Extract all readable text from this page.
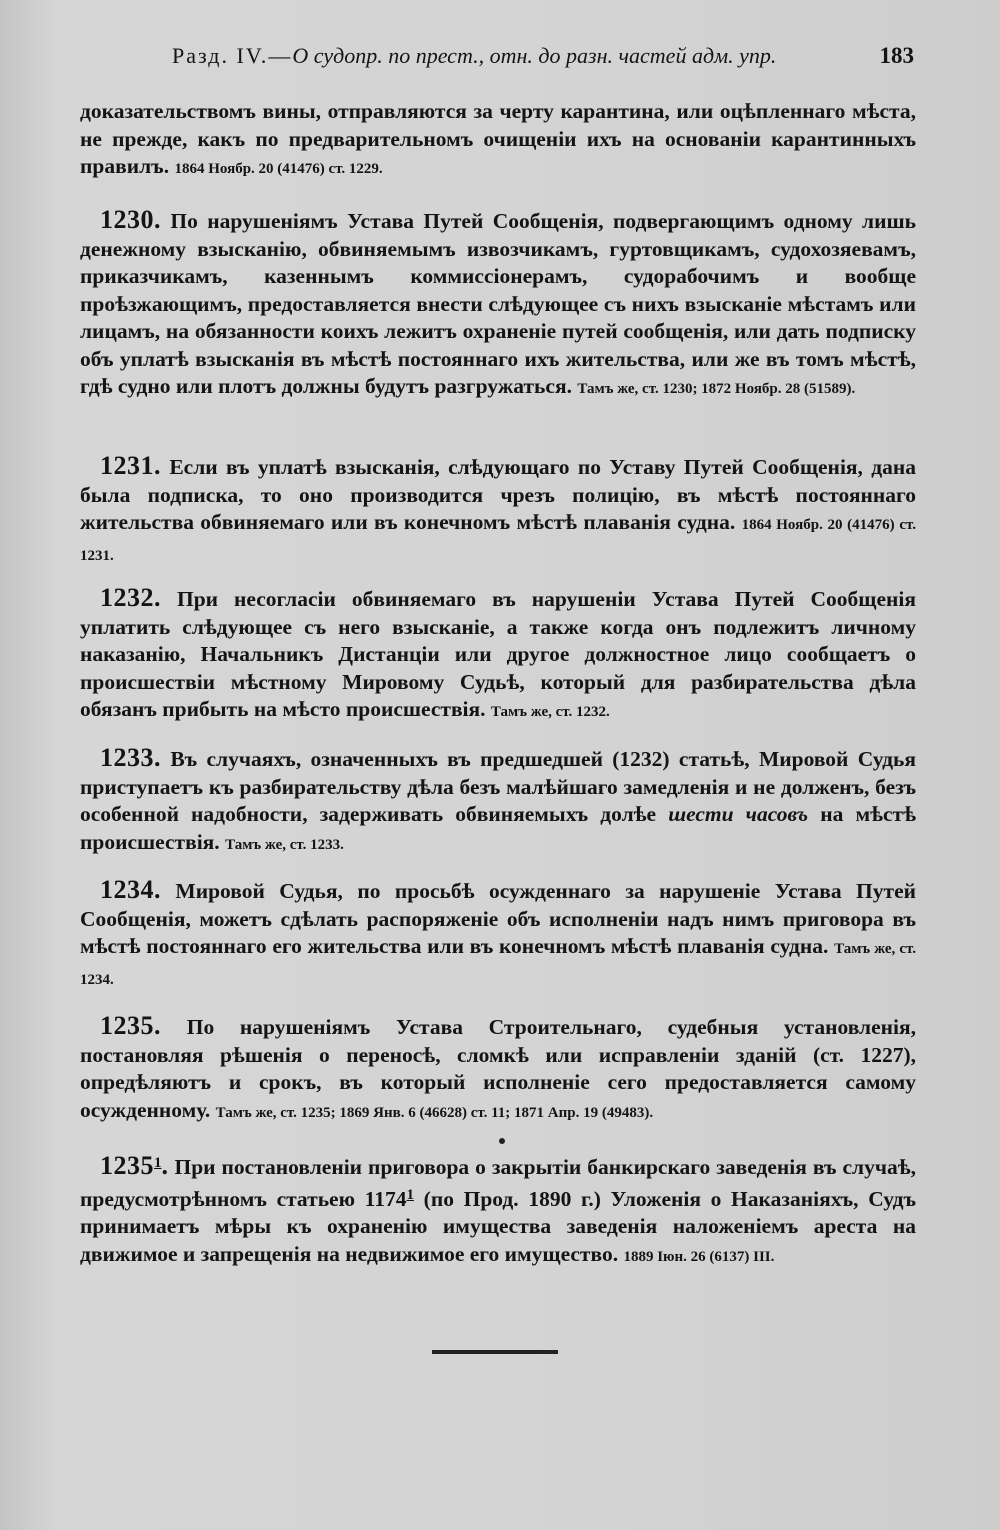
Разд. IV.—О судопр. по прест., отн. до разн. частей адм. упр.	183
доказательствомъ вины, отправляются за черту карантина, или оцѣпленнаго мѣста, не прежде, какъ по предварительномъ очищеніи ихъ на основаніи карантинныхъ правилъ. 1864 Ноябр. 20 (41476) ст. 1229.
1230. По нарушеніямъ Устава Путей Сообщенія, подвергающимъ одному лишь денежному взысканію, обвиняемымъ извозчикамъ, гуртовщикамъ, судохозяевамъ, приказчикамъ, казеннымъ коммиссіонерамъ, судорабочимъ и вообще проѣзжающимъ, предоставляется внести слѣдующее съ нихъ взысканіе мѣстамъ или лицамъ, на обязанности коихъ лежитъ охраненіе путей сообщенія, или дать подписку объ уплатѣ взысканія въ мѣстѣ постояннаго ихъ жительства, или же въ томъ мѣстѣ, гдѣ судно или плотъ должны будутъ разгружаться. Тамъ же, ст. 1230; 1872 Ноябр. 28 (51589).
1231. Если въ уплатѣ взысканія, слѣдующаго по Уставу Путей Сообщенія, дана была подписка, то оно производится чрезъ полицію, въ мѣстѣ постояннаго жительства обвиняемаго или въ конечномъ мѣстѣ плаванія судна. 1864 Ноябр. 20 (41476) ст. 1231.
1232. При несогласіи обвиняемаго въ нарушеніи Устава Путей Сообщенія уплатить слѣдующее съ него взысканіе, а также когда онъ подлежитъ личному наказанію, Начальникъ Дистанціи или другое должностное лицо сообщаетъ о происшествіи мѣстному Мировому Судьѣ, который для разбирательства дѣла обязанъ прибыть на мѣсто происшествія. Тамъ же, ст. 1232.
1233. Въ случаяхъ, означенныхъ въ предшедшей (1232) статьѣ, Мировой Судья приступаетъ къ разбирательству дѣла безъ малѣйшаго замедленія и не долженъ, безъ особенной надобности, задерживать обвиняемыхъ долѣе шести часовъ на мѣстѣ происшествія. Тамъ же, ст. 1233.
1234. Мировой Судья, по просьбѣ осужденнаго за нарушеніе Устава Путей Сообщенія, можетъ сдѣлать распоряженіе объ исполненіи надъ нимъ приговора въ мѣстѣ постояннаго его жительства или въ конечномъ мѣстѣ плаванія судна. Тамъ же, ст. 1234.
1235. По нарушеніямъ Устава Строительнаго, судебныя установленія, постановляя рѣшенія о переносѣ, сломкѣ или исправленіи зданій (ст. 1227), опредѣляютъ и срокъ, въ который исполненіе сего предоставляется самому осужденному. Тамъ же, ст. 1235; 1869 Янв. 6 (46628) ст. 11; 1871 Апр. 19 (49483).
1235$^1$. При постановленіи приговора о закрытіи банкирскаго заведенія въ случаѣ, предусмотрѣнномъ статьею 1174$^1$ (по Прод. 1890 г.) Уложенія о Наказаніяхъ, Судъ принимаетъ мѣры къ охраненію имущества заведенія наложеніемъ ареста на движимое и запрещенія на недвижимое его имущество. 1889 Іюн. 26 (6137) III.
